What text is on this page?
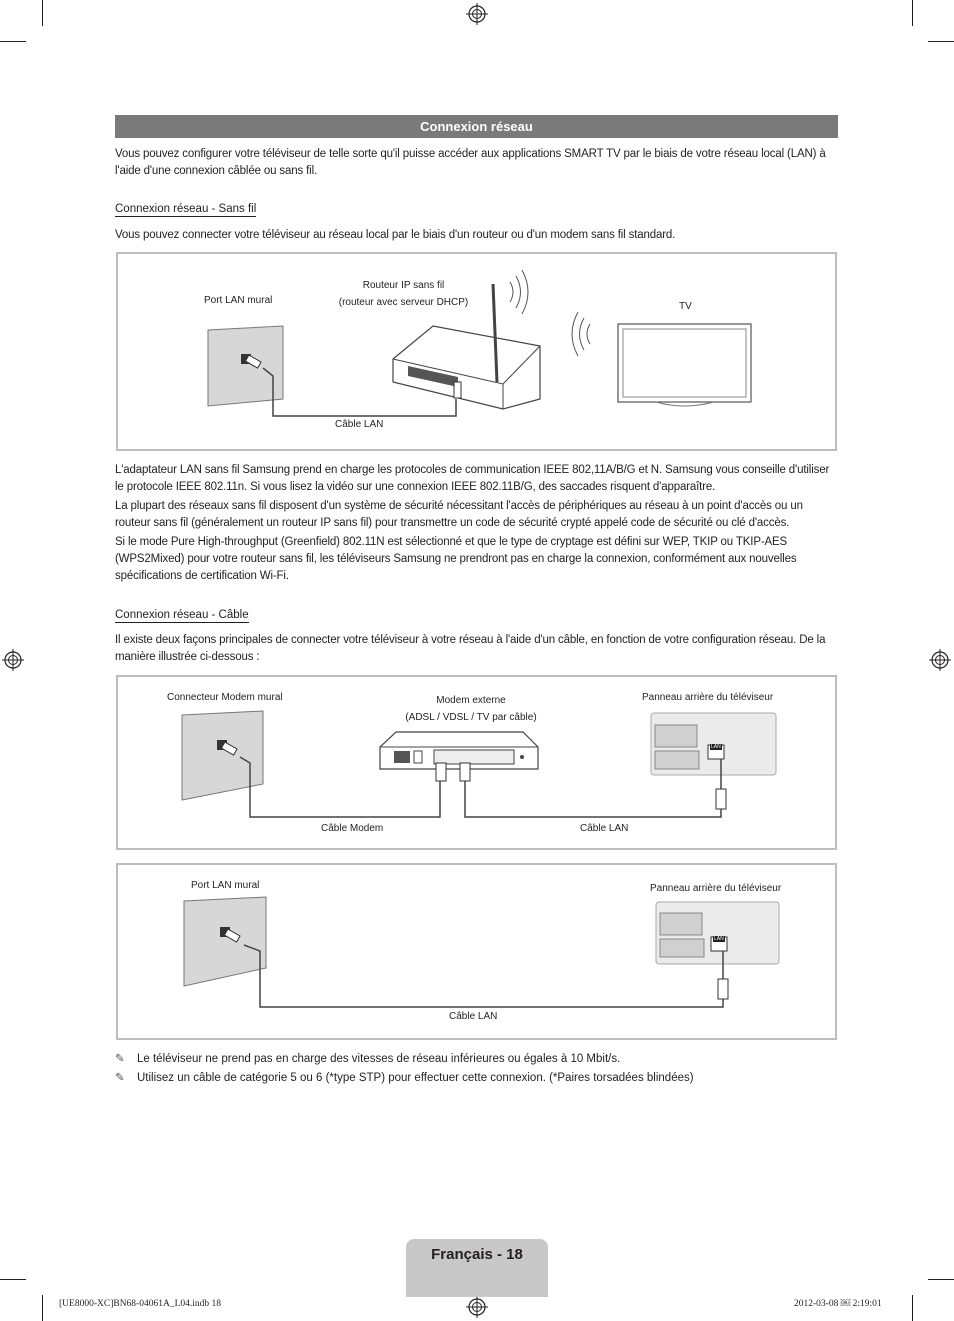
Connexion réseau
Vous pouvez configurer votre téléviseur de telle sorte qu'il puisse accéder aux applications SMART TV par le biais de votre réseau local (LAN) à l'aide d'une connexion câblée ou sans fil.
Connexion réseau - Sans fil
Vous pouvez connecter votre téléviseur au réseau local par le biais d'un routeur ou d'un modem sans fil standard.
Port LAN mural
Routeur IP sans fil
(routeur avec serveur DHCP)	TV
Câble LAN
L'adaptateur LAN sans fil Samsung prend en charge les protocoles de communication IEEE 802,11A/B/G et N. Samsung vous conseille d'utiliser le protocole IEEE 802.11n. Si vous lisez la vidéo sur une connexion IEEE 802.11B/G, des saccades risquent d'apparaître.
La plupart des réseaux sans fil disposent d'un système de sécurité nécessitant l'accès de périphériques au réseau à un point d'accès ou un routeur sans fil (généralement un routeur IP sans fil) pour transmettre un code de sécurité crypté appelé code de sécurité ou clé d'accès.
Si le mode Pure High-throughput (Greenfield) 802.11N est sélectionné et que le type de cryptage est défini sur WEP, TKIP ou TKIP-AES (WPS2Mixed) pour votre routeur sans fil, les téléviseurs Samsung ne prendront pas en charge la connexion, conformément aux nouvelles spécifications de certification Wi-Fi.
Connexion réseau - Câble
Il existe deux façons principales de connecter votre téléviseur à votre réseau à l'aide d'un câble, en fonction de votre configuration réseau. De la manière illustrée ci-dessous :
Connecteur Modem mural	Modem externe
(ADSL / VDSL / TV par câble)
Panneau arrière du téléviseur
LAN
Câble Modem	Câble LAN
Port LAN mural	Panneau arrière du téléviseur
LAN
Câble LAN
✎ Le téléviseur ne prend pas en charge des vitesses de réseau inférieures ou égales à 10 Mbit/s.
✎ Utilisez un câble de catégorie 5 ou 6 (*type STP) pour effectuer cette connexion. (*Paires torsadées blindées)
Français - 18
[UE8000-XC]BN68-04061A_L04.indb 18	2012-03-08 ￼ 2:19:01
